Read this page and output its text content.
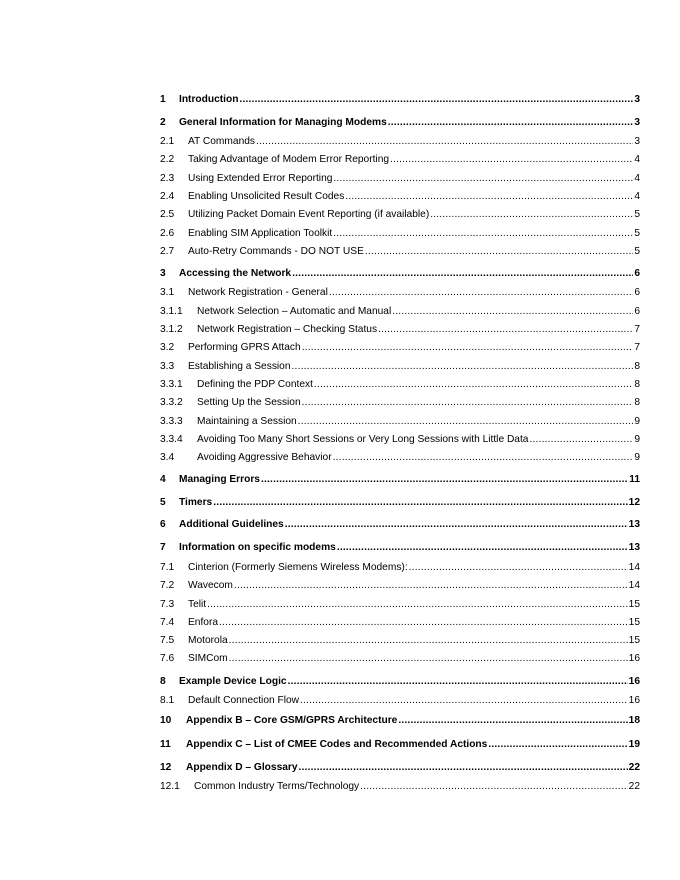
1	Introduction .....	3
2	General Information for Managing Modems .....	3
2.1	AT Commands .....	3
2.2	Taking Advantage of Modem Error Reporting .....	4
2.3	Using Extended Error Reporting .....	4
2.4	Enabling Unsolicited Result Codes .....	4
2.5	Utilizing Packet Domain Event Reporting (if available) .....	5
2.6	Enabling SIM Application Toolkit .....	5
2.7	Auto-Retry Commands - DO NOT USE .....	5
3	Accessing the Network .....	6
3.1	Network Registration - General .....	6
3.1.1	Network Selection – Automatic and Manual .....	6
3.1.2	Network Registration – Checking Status .....	7
3.2	Performing GPRS Attach .....	7
3.3	Establishing a Session .....	8
3.3.1	Defining the PDP Context .....	8
3.3.2	Setting Up the Session .....	8
3.3.3	Maintaining a Session .....	9
3.3.4	Avoiding Too Many Short Sessions or Very Long Sessions with Little Data .....	9
3.4	Avoiding Aggressive Behavior .....	9
4	Managing Errors .....	11
5	Timers .....	12
6	Additional Guidelines .....	13
7	Information on specific modems .....	13
7.1	Cinterion (Formerly Siemens Wireless Modems): .....	14
7.2	Wavecom .....	14
7.3	Telit .....	15
7.4	Enfora .....	15
7.5	Motorola .....	15
7.6	SIMCom .....	16
8	Example Device Logic .....	16
8.1	Default Connection Flow .....	16
10	Appendix B – Core GSM/GPRS Architecture .....	18
11	Appendix C – List of CMEE Codes and Recommended Actions .....	19
12	Appendix D – Glossary .....	22
12.1	Common Industry Terms/Technology .....	22
